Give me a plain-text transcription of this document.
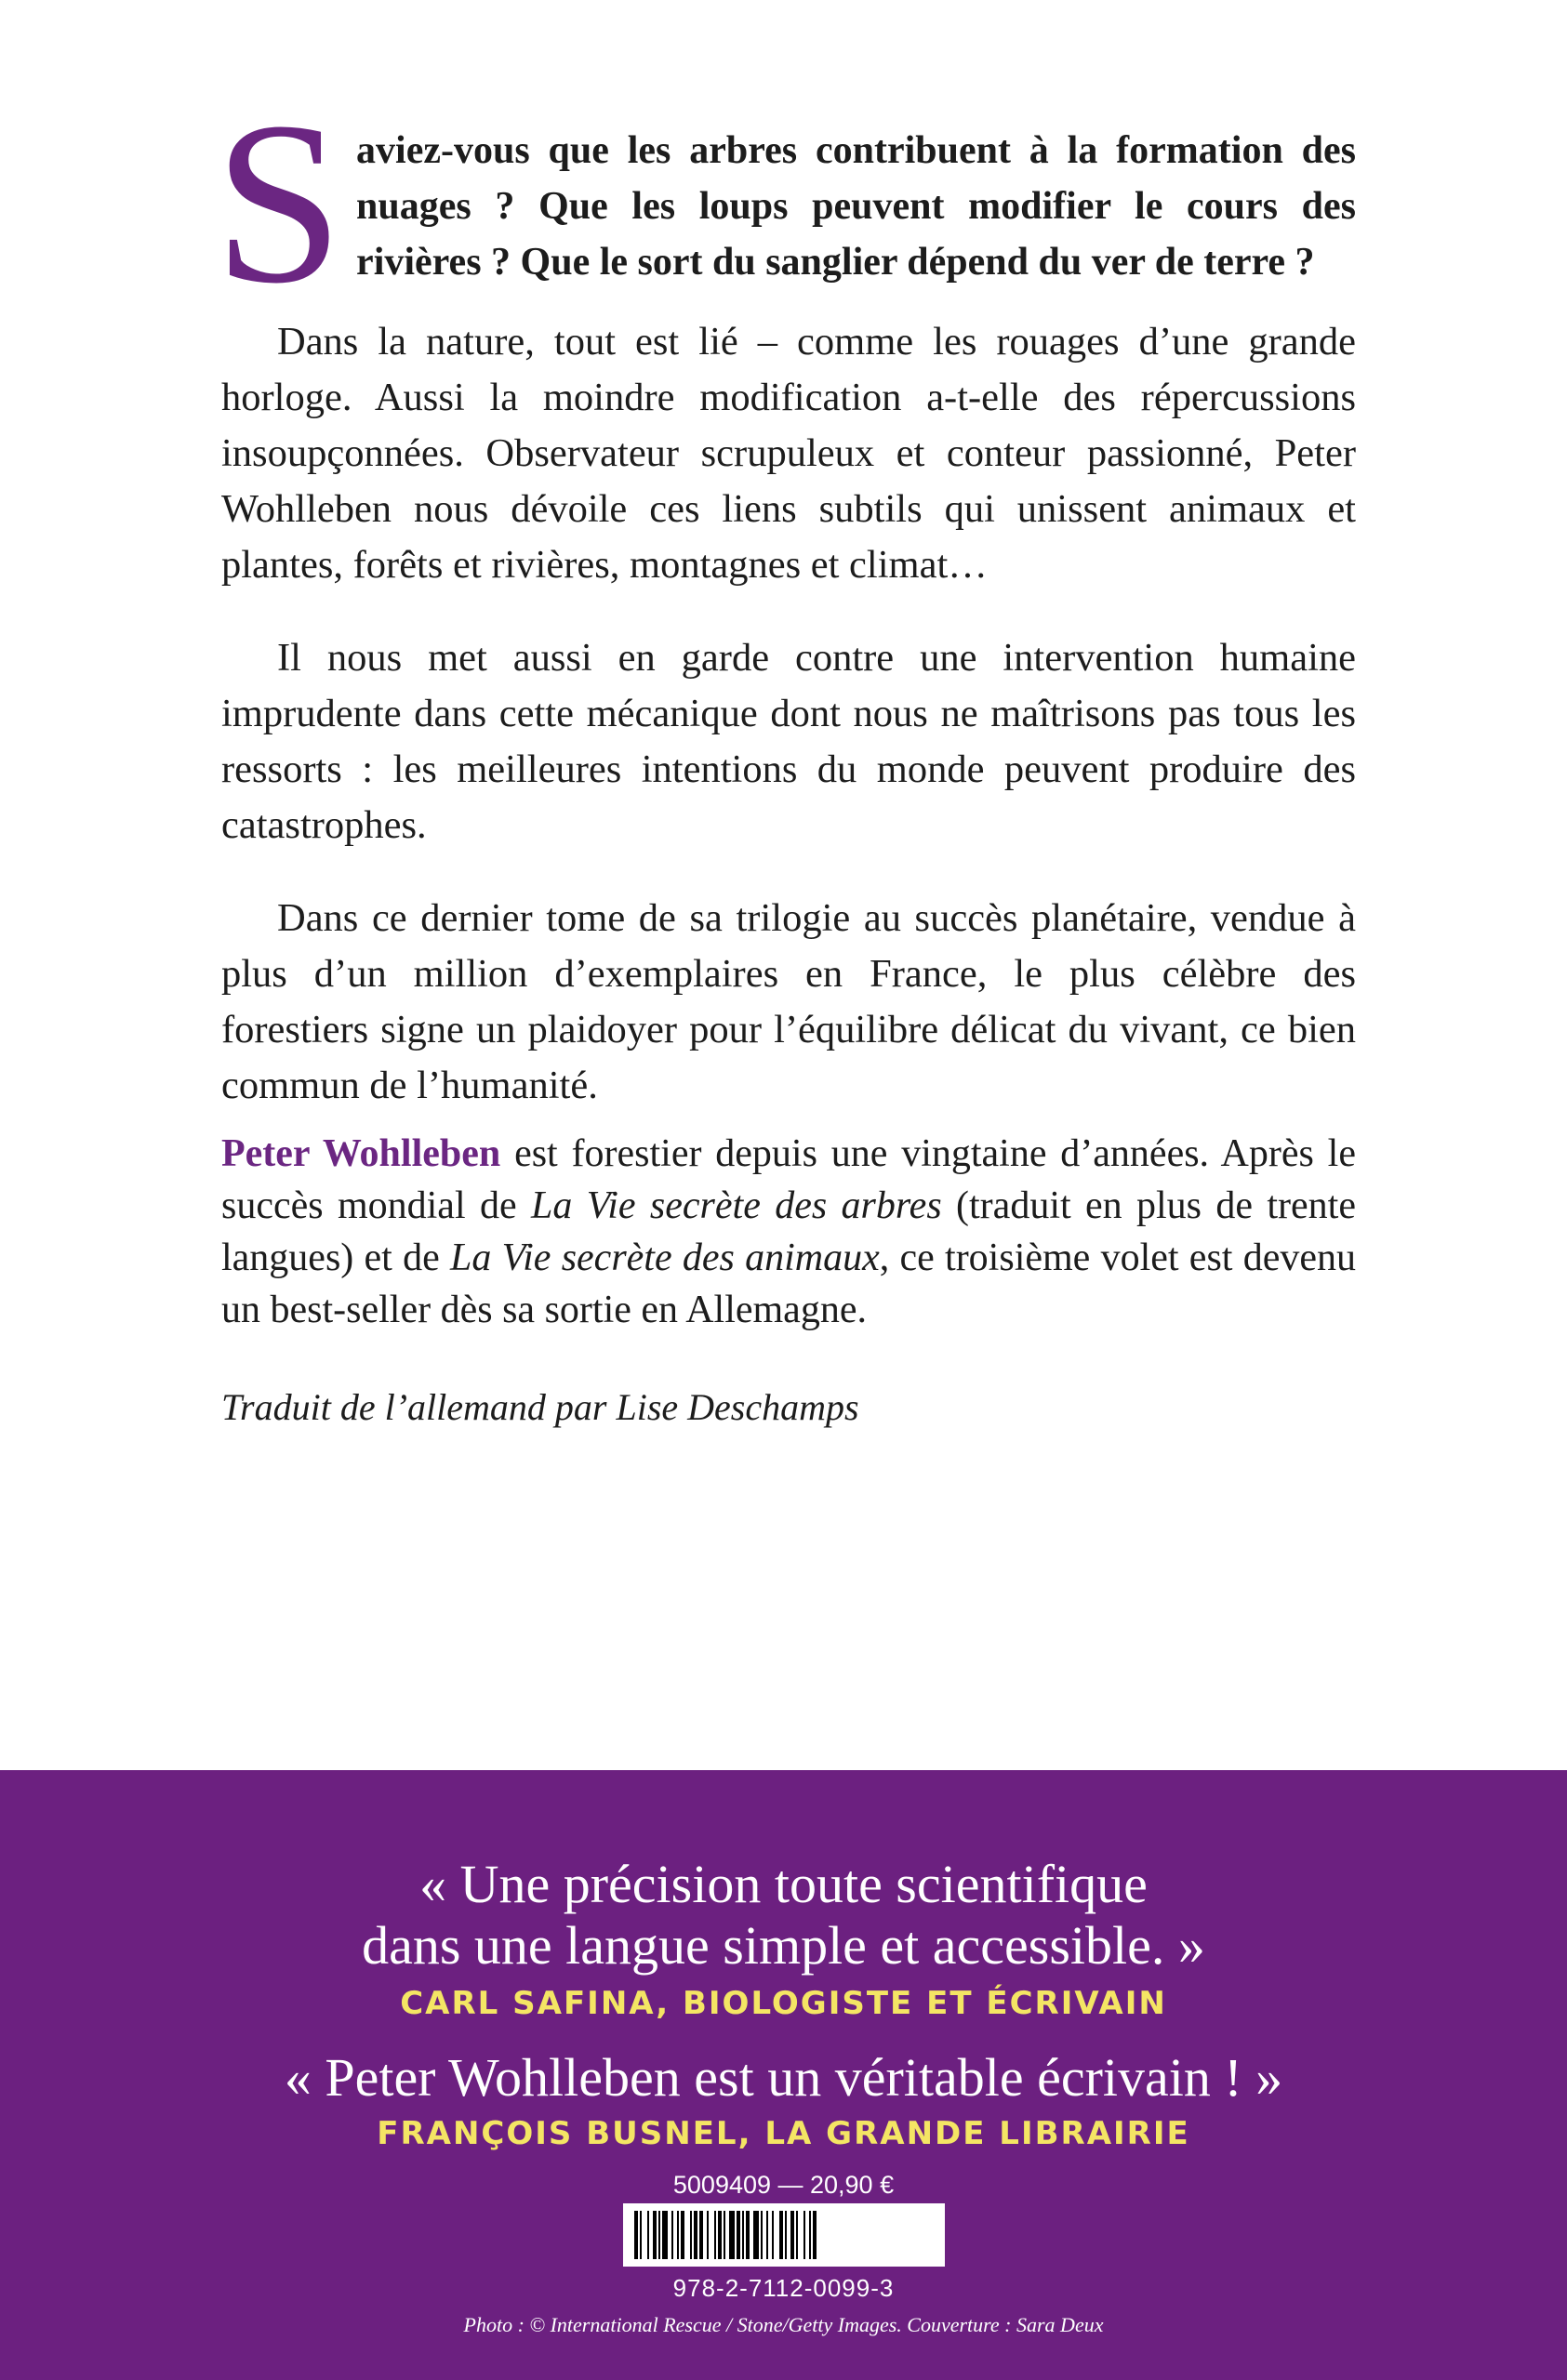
S aviez-vous que les arbres contribuent à la formation des nuages ? Que les loups peuvent modifier le cours des rivières ? Que le sort du sanglier dépend du ver de terre ?

Dans la nature, tout est lié – comme les rouages d’une grande horloge. Aussi la moindre modification a-t-elle des répercussions insoupçonnées. Observateur scrupuleux et conteur passionné, Peter Wohlleben nous dévoile ces liens subtils qui unissent animaux et plantes, forêts et rivières, montagnes et climat…

Il nous met aussi en garde contre une intervention humaine imprudente dans cette mécanique dont nous ne maîtrisons pas tous les ressorts : les meilleures intentions du monde peuvent produire des catastrophes.

Dans ce dernier tome de sa trilogie au succès planétaire, vendue à plus d’un million d’exemplaires en France, le plus célèbre des forestiers signe un plaidoyer pour l’équilibre délicat du vivant, ce bien commun de l’humanité.

Peter Wohlleben est forestier depuis une vingtaine d’années. Après le succès mondial de La Vie secrète des arbres (traduit en plus de trente langues) et de La Vie secrète des animaux, ce troisième volet est devenu un best-seller dès sa sortie en Allemagne.

Traduit de l’allemand par Lise Deschamps
« Une précision toute scientifique
dans une langue simple et accessible. »
CARL SAFINA, BIOLOGISTE ET ÉCRIVAIN
« Peter Wohlleben est un véritable écrivain ! »
FRANÇOIS BUSNEL, LA GRANDE LIBRAIRIE
5009409 — 20,90 €
978-2-7112-0099-3
Photo : © International Rescue / Stone/Getty Images. Couverture : Sara Deux
